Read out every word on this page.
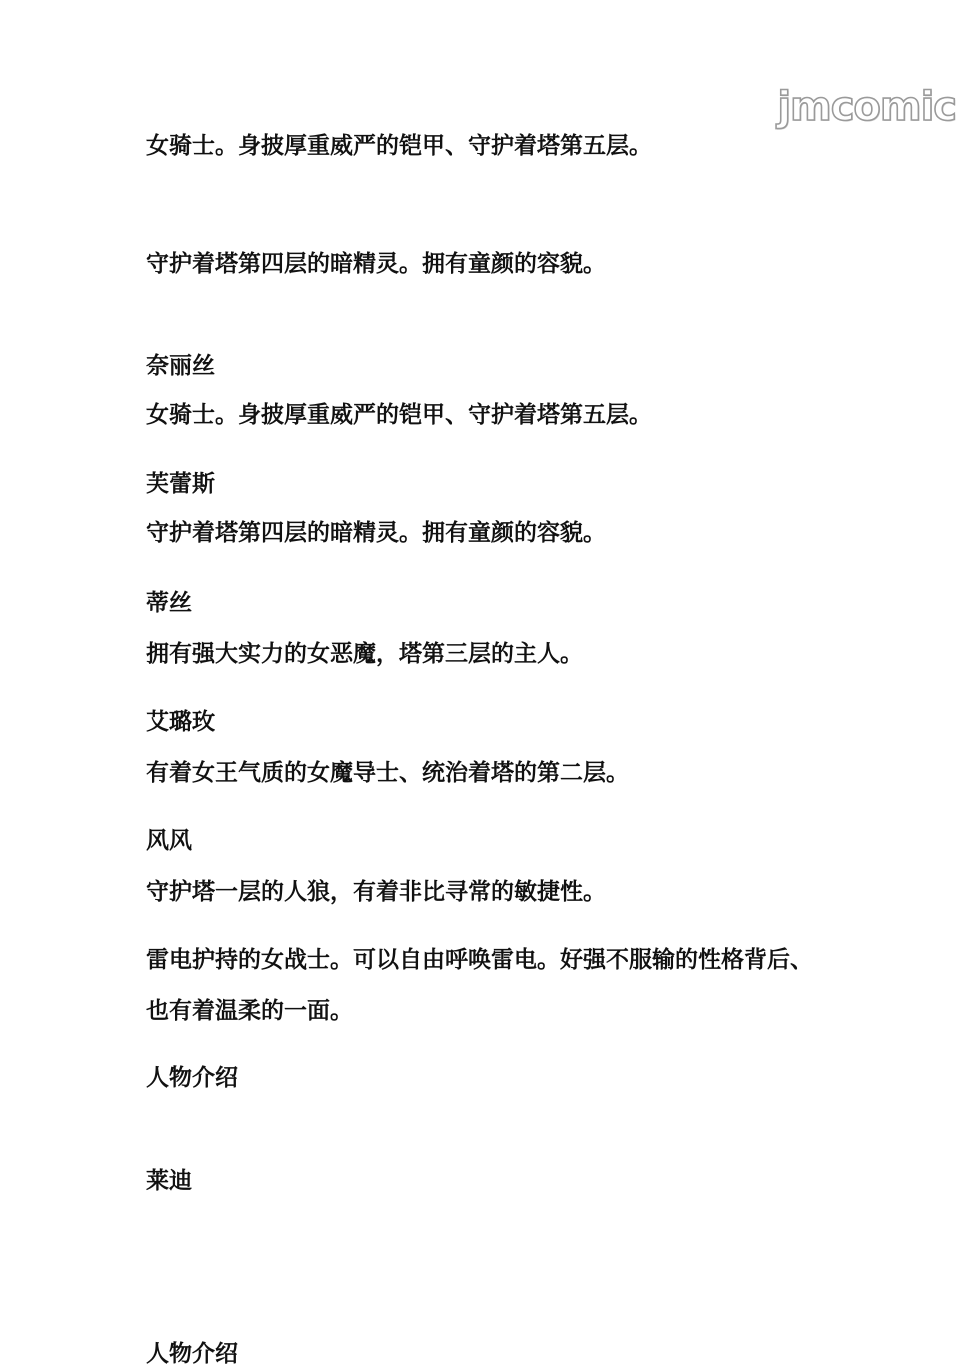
jmcomic
女骑士。身披厚重威严的铠甲、守护着塔第五层。
守护着塔第四层的暗精灵。拥有童颜的容貌。
奈丽丝
女骑士。身披厚重威严的铠甲、守护着塔第五层。
芙蕾斯
守护着塔第四层的暗精灵。拥有童颜的容貌。
蒂丝
拥有强大实力的女恶魔，塔第三层的主人。
艾璐玫
有着女王气质的女魔导士、统治着塔的第二层。
风风
守护塔一层的人狼，有着非比寻常的敏捷性。
雷电护持的女战士。可以自由呼唤雷电。好强不服输的性格背后、
也有着温柔的一面。
人物介绍
莱迪
人物介绍
